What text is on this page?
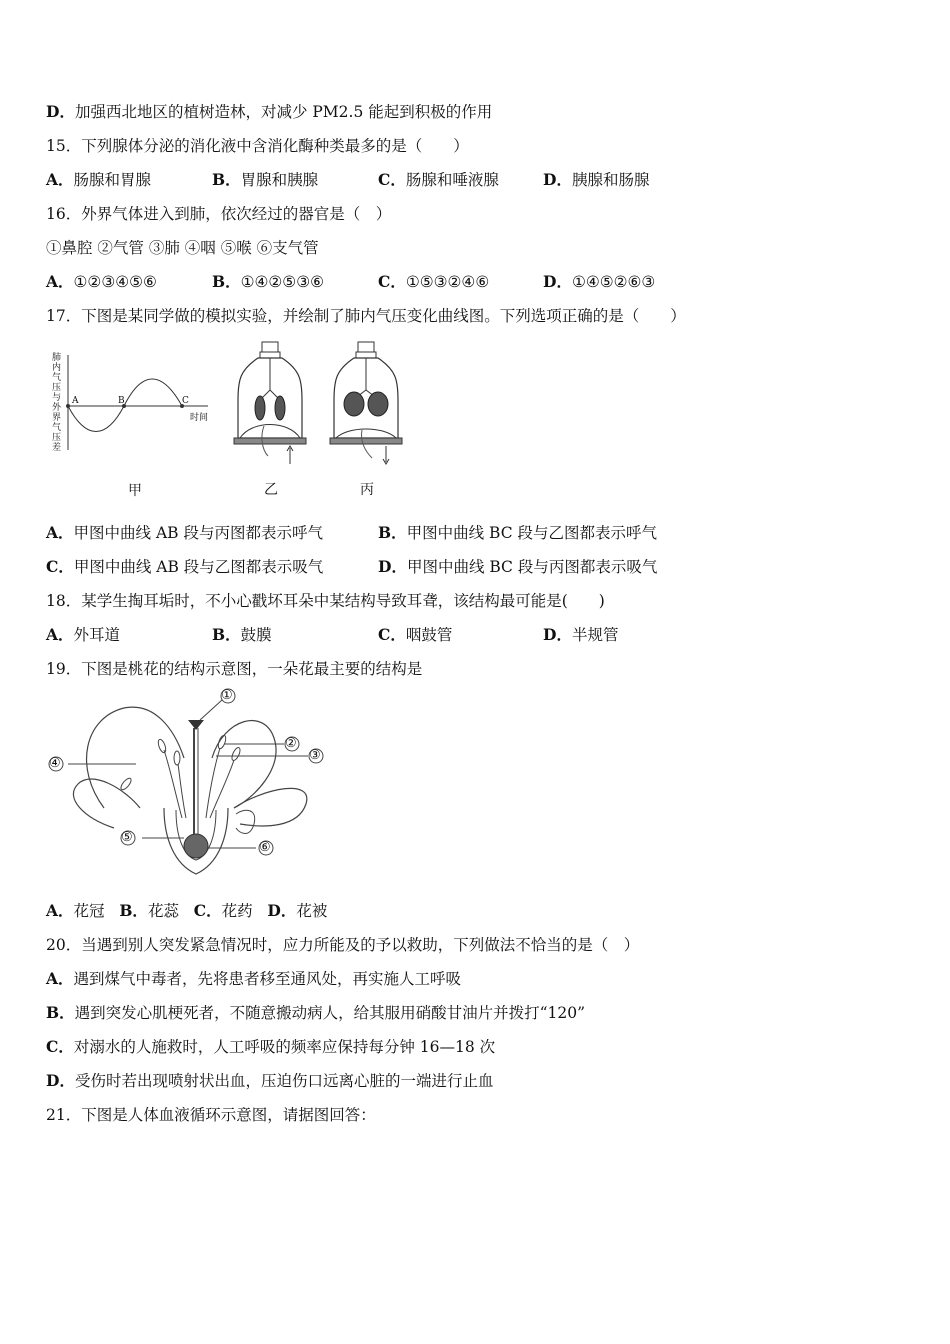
D．加强西北地区的植树造林，对减少 PM2.5 能起到积极的作用
15．下列腺体分泌的消化液中含消化酶种类最多的是（　　）
A．肠腺和胃腺	B．胃腺和胰腺	C．肠腺和唾液腺	D．胰腺和肠腺
16．外界气体进入到肺，依次经过的器官是（　）
①鼻腔 ②气管 ③肺 ④咽 ⑤喉 ⑥支气管
A．①②③④⑤⑥	B．①④②⑤③⑥	C．①⑤③②④⑥	D．①④⑤②⑥③
17．下图是某同学做的模拟实验，并绘制了肺内气压变化曲线图。下列选项正确的是（　　）
肺内气压与外界气压差
A	B	C
时间
甲	乙	丙
A．甲图中曲线 AB 段与丙图都表示呼气	B．甲图中曲线 BC 段与乙图都表示呼气
C．甲图中曲线 AB 段与乙图都表示吸气	D．甲图中曲线 BC 段与丙图都表示吸气
18．某学生掏耳垢时，不小心戳坏耳朵中某结构导致耳聋，该结构最可能是(　　)
A．外耳道	B．鼓膜	C．咽鼓管	D．半规管
19．下图是桃花的结构示意图，一朵花最主要的结构是
①
②
③
④
⑤
⑥
A．花冠 B．花蕊 C．花药 D．花被
20．当遇到别人突发紧急情况时，应力所能及的予以救助，下列做法不恰当的是（　）
A．遇到煤气中毒者，先将患者移至通风处，再实施人工呼吸
B．遇到突发心肌梗死者，不随意搬动病人，给其服用硝酸甘油片并拨打“120”
C．对溺水的人施救时，人工呼吸的频率应保持每分钟 16—18 次
D．受伤时若出现喷射状出血，压迫伤口远离心脏的一端进行止血
21．下图是人体血液循环示意图，请据图回答：
